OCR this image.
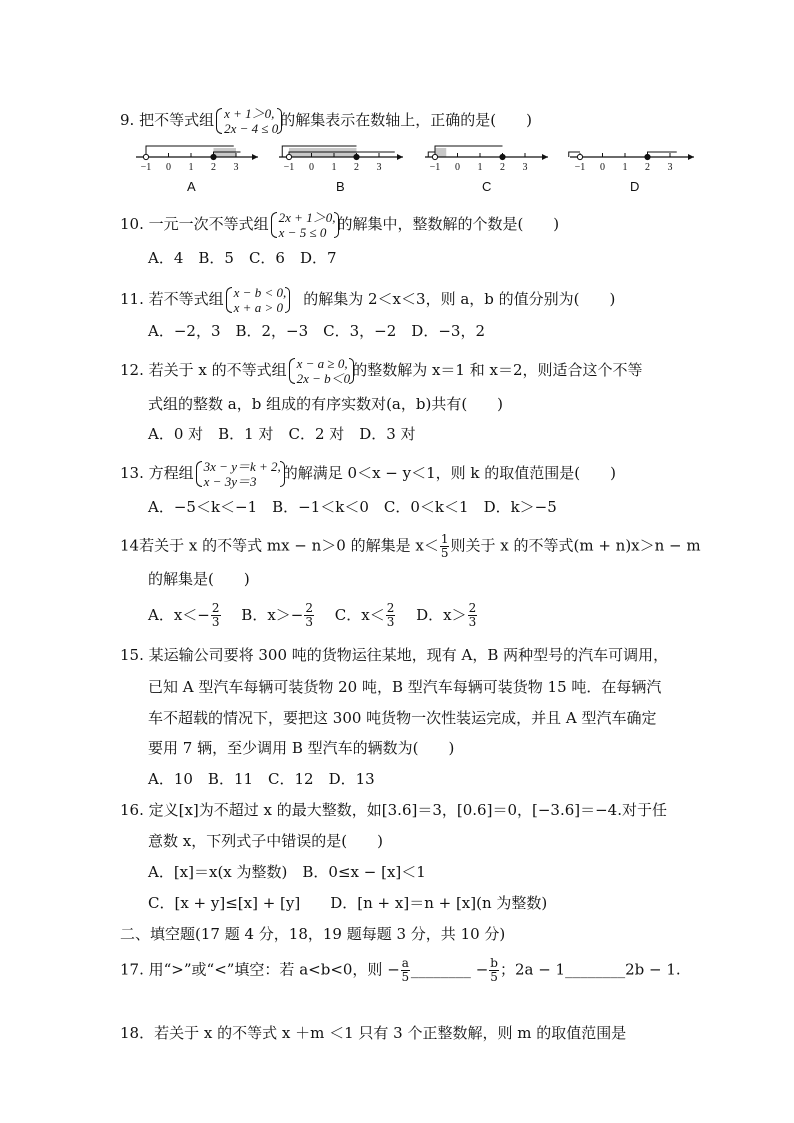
9. 把不等式组 x + 1＞0,
2x − 4 ≤ 0 的解集表示在数轴上，正确的是(　　)
−1 0 1 2 3	−1 0 1 2 3	−1 0 1 2 3	−1 0 1 2 3
A	B	C	D
10. 一元一次不等式组 2x + 1＞0,
x − 5 ≤ 0 的解集中，整数解的个数是(　　)
A．4　B．5　C．6　D．7
11. 若不等式组 x − b < 0,
x + a > 0
　 的解集为 2＜x＜3，则 a，b 的值分别为(　　)
A．−2，3　B．2，−3　C．3，−2　D．−3，2
12. 若关于 x 的不等式组 x − a ≥ 0,
2x − b＜0 的整数解为 x＝1 和 x＝2，则适合这个不等
式组的整数 a，b 组成的有序实数对(a，b)共有(　　)
A．0 对　B．1 对　C．2 对　D．3 对
13. 方程组 3x − y＝k + 2,
x − 3y＝3	的解满足 0＜x − y＜1，则 k 的取值范围是(　　)
A．−5＜k＜−1　B．−1＜k＜0　C．0＜k＜1　D．k＞−5
14若关于 x 的不等式 mx − n＞0 的解集是 $x< \frac{1}{5}$ 则关于 x 的不等式(m + n)x＞n − m
的解集是(　　)
A．$x<- \frac{2}{3}$
　 B．$x>- \frac{2}{3}$
　 C．$x< \frac{2}{3}$
　 D．$x> \frac{2}{3}$
15. 某运输公司要将 300 吨的货物运往某地，现有 A，B 两种型号的汽车可调用，
已知 A 型汽车每辆可装货物 20 吨，B 型汽车每辆可装货物 15 吨．在每辆汽
车不超载的情况下，要把这 300 吨货物一次性装运完成，并且 A 型汽车确定
要用 7 辆，至少调用 B 型汽车的辆数为(　　)
A．10　B．11　C．12　D．13
16. 定义[x]为不超过 x 的最大整数，如[3.6]＝3，[0.6]＝0，[−3.6]＝−4.对于任
意数 x，下列式子中错误的是(　　)
A．[x]＝x(x 为整数)　B．0≤x − [x]＜1
C．[x + y]≤[x] + [y]　　D．[n + x]＝n + [x](n 为整数)
二、填空题(17 题 4 分，18，19 题每题 3 分，共 10 分)
17. 用“>”或“<”填空：若 a<b<0，则 − $\frac{a}{5}$ ________ − $\frac{b}{5}$ ；2a − 1________2b − 1.
18．若关于 x 的不等式 x ＋m ＜1 只有 3 个正整数解，则 m 的取值范围是
